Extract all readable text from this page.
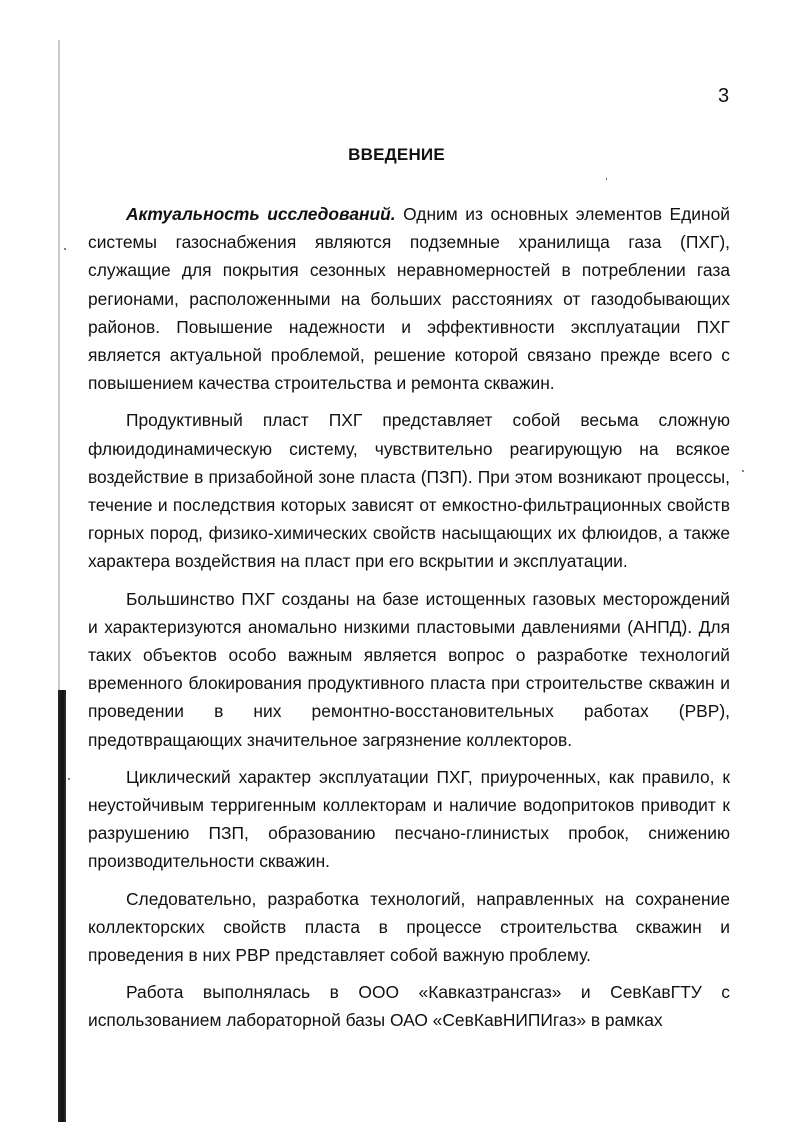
3
ВВЕДЕНИЕ

Актуальность исследований. Одним из основных элементов Единой системы газоснабжения являются подземные хранилища газа (ПХГ), служащие для покрытия сезонных неравномерностей в потреблении газа регионами, расположенными на больших расстояниях от газодобывающих районов. Повышение надежности и эффективности эксплуатации ПХГ является актуальной проблемой, решение которой связано прежде всего с повышением качества строительства и ремонта скважин.

Продуктивный пласт ПХГ представляет собой весьма сложную флюидодинамическую систему, чувствительно реагирующую на всякое воздействие в призабойной зоне пласта (ПЗП). При этом возникают процессы, течение и последствия которых зависят от емкостно-фильтрационных свойств горных пород, физико-химических свойств насыщающих их флюидов, а также характера воздействия на пласт при его вскрытии и эксплуатации.

Большинство ПХГ созданы на базе истощенных газовых месторождений и характеризуются аномально низкими пластовыми давлениями (АНПД). Для таких объектов особо важным является вопрос о разработке технологий временного блокирования продуктивного пласта при строительстве скважин и проведении в них ремонтно-восстановительных работах (РВР), предотвращающих значительное загрязнение коллекторов.

Циклический характер эксплуатации ПХГ, приуроченных, как правило, к неустойчивым терригенным коллекторам и наличие водопритоков приводит к разрушению ПЗП, образованию песчано-глинистых пробок, снижению производительности скважин.

Следовательно, разработка технологий, направленных на сохранение коллекторских свойств пласта в процессе строительства скважин и проведения в них РВР представляет собой важную проблему.

Работа выполнялась в ООО «Кавказтрансгаз» и СевКавГТУ с использованием лабораторной базы ОАО «СевКавНИПИгаз» в рамках
